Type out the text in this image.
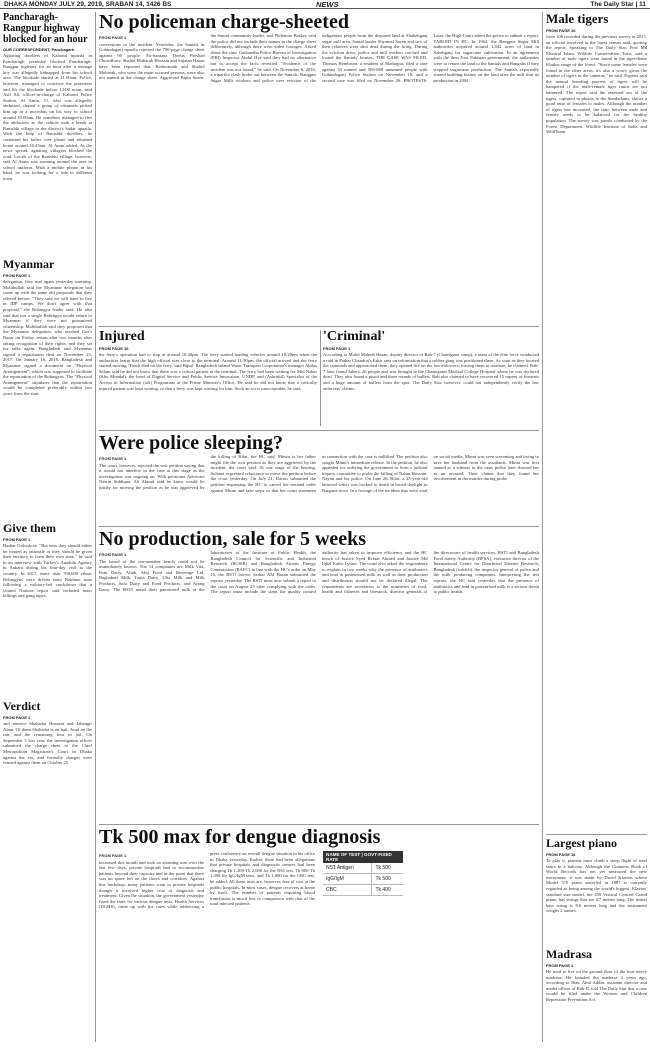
DHAKA MONDAY JULY 29, 2019, SRABAN 14, 1426 BS	NEWS	The Daily Star | 11
Pancharagh-Rangpur highway blocked for an hour
OUR CORRESPONDENT, Panchagarh
Agitating dwellers of Kabarid upazila in Pancharagh yesterday blocked Pancharagh-Rangpur highway for an hour after a teenage boy was allegedly kidnapped from his school area. The blockade started at 11:00am. Police, however, managed to convince the protesters and lift the blockade before 12:00 noon, said Asif Ali, officer-in-charge of Kabarid Police Station. Al Amin, 11, who was allegedly abducted, chased a group of criminals picked him up in a microbus on his way to school around 10:00am. He somehow managed to flee the abductors as the vehicle took a break at Ranishki village in the district's Sadar upazila. With the help of Ranishki dwellers, he contacted his father over phone and returned home around 10:45am. Al Amin added. As the news spread, agitating villagers blocked the road. Locals of the Ranishki village, however, said Al Amin was roaming around the area in school uniform. With a mobile phone in his hand, he was looking for a ride to different town.
Myanmar
FROM PAGE 1
delegation, they met again yesterday morning. Mohibullah said the Myanmar delegation had come up with the same old proposals that they offered before. "They said we will have to live in IDP camps. We don't agree with that proposal," the Rohingya leader said. He also said that not a single Rohingya would return to Myanmar if they were not guaranteed citizenship. Mohibullah said they proposed that the Myanmar delegation, who reached Cox's Bazar on Friday, return after two months after taking recognition of their rights, and they sat for talks again. Bangladesh and Myanmar signed a repatriation deal on November 23, 2017. On January 16, 2018, Bangladesh and Myanmar signed a document on "Physical Arrangement", which was supposed to facilitate the repatriation of the Rohingyas. The "Physical Arrangement" stipulates that the repatriation would be completed preferably within two years from the start.
Give them
FROM PAGE 1
Bashar Orthodoxy. "But now they should either be treated as rationale or they should be given their territory to form their own state," he said in an interview with Turkey's Anadolu Agency in Ankara during his four-day visit to the country. In 2017, more than 700,000 ethnic Rohingyas were driven from Rakhine state following a military-led crackdown that a United Nations report said included mass killings and gang rapes.
Verdict
FROM PAGE 1
and remove Shahadat Hossain and Jahangir Alam. Of them Shahadat is on bail, Asad on the run, and the remaining four in jail. On September 5 last year, the investigation officer submitted the charge sheet to the Chief Metropolitan Magistrate's Court in Dhaka against the six, and formally charges were framed against them on October 25.
No policeman charge-sheeted
FROM PAGE 1
concessions to the incident. Yesterday, the Santals in Gobindaganj upazila rejected the 700-page charge sheet against 90 people. Ex-Santana Deeba Parshad Chowdhury, Shahid Mubarak Hossain and Sujatan Hasan have been reported that. Bishwanath and Shahid Mubarak, who were the main accused persons, were also not named in the charge sheet. Aggrieved Bipin Soren, the Santal community leader, and Philemon Baskey said the police did not include their names in the charge sheet deliberately, although there were video footages. Asked about the case, Gaibandha Police Bureau of Investigation (PBI) Inspector Abdul Hye said they had no alternative but to accept the facts revealed. "Evidence of the incident was not found," he said. On November 6, 2016, a tripartite clash broke out between the Santals, Rangpur Sugar Mills workers and police over eviction of the indigenous people from the disputed land at Shahebganj sugar mill area. Santal leader Shyamal Soren and two of their relatives were shot dead during the firing. During the eviction drive, police and mill workers torched and looted the Santals' houses. THE CASE WAS FILED: Thomas Hembrom, a resident of Madarpur, filed a case against 33 named and 500-600 unnamed people with Gobindaganj Police Station on November 16, and a second case was filed on November 26. PROTESTS: Later, the High Court asked the police to submit a report. TABLED IN HC: In 1962, the Rangpur Sugar Mill authorities acquired around 1,842 acres of land in Sahebganj for sugarcane cultivation. In an agreement with the then East Pakistan government, the authorities were to return the land to the Santals and Bangalis if they stopped sugarcane production. The Santals reportedly started building houses on the land after the mill shut its production in 2004.
Injured
FROM PAGE 16
the ferry's operation had to stop at around 10:20pm. The ferry started loading vehicles around 10:20pm when the authorities learnt that the high official was close to the terminal. Around 11:30pm, the official arrived and the ferry started moving. Tirath died on the ferry, said Bipul. Bangladesh Inland Water Transport Corporation's manager Abdus Salam said he did not know that there was a critical patient at the terminal. The ferry had been waiting for Mid Nahar (Abu Mondal), the head of Digital Service and Public Service Innovation, UNDP, and (Ashraful) Specialist of the Access to Information (a2i) Programme at the Prime Minister's Office. He said he did not know that a critically injured patient was kept waiting, or that a ferry was kept waiting for him. Such an act is unacceptable, he said.
'Criminal'
FROM PAGE 1
According to Mohd Mahedi Hasan, deputy director of Rab-7 (Chandgaon camp), a team of the elite force conducted a raid in Pathar Chandrai's Fakir area on information that a robber gang was positioned there. As soon as they located the criminals and approached them, they opened fire on the law enforcers, forcing them to retaliate, he claimed. Rab-7 later found Jabers, 26 people and was brought to the Chattogram Medical College Hospital where he was declared dead. They also found a pistol and three rounds of bullets. Rab also claimed to have recovered 15 rupees of firearms and a huge amount of bullets from the spot. The Daily Star, however, could not independently verify the law enforcers' claims.
Were police sleeping?
FROM PAGE 1
The court, however, rejected the writ petition saying that it would not interfere in the case at this stage as the investigation was ongoing on. With petitioner Advocate Nasrin Siddiqua, Ali Alasad said he knew would lie justify for moving the petition as he was aggrieved by the killing of Rifat, the HC said. Minzu is her father might file the writ petition as they are aggrieved by the incident, the court said. At one stage of the hearing, Sultana expressed reluctance to move the petition before the court yesterday. On July 21, Dainis submitted the petition requesting the HC to cancel the remand order against Minni and take steps so that her court statement in connection with the case is nullified. The petition also sought Minni's immediate release. In the petition, he also appealed for ordering the government to form a judicial inquiry committee to probe the killing of Nabin Hossain. Nayan and his police. On June 26, Rifat, a 25-year-old tattooed writer was hacked to death in broad daylight in Barguna town. In a footage of the incident that went viral on social media, Minni was seen screaming and trying to save her husband from the assailants. Minni was first named as a witness in the case, police later showed her as an accused. Their claims that they found her involvement in the murder during probe.
No production, sale for 5 weeks
FROM PAGE 1
The heard of the ten-member bench could not be immediately known. The 14 companies are Milk Vita, Pran Dairy, Aftab, Akij Food and Beverage Ltd, Baghabari Milk, Tania Dairy, Ulta Milk and Milk Products, Safa Dairy and Food Products, and Arong Dairy. The BSTI noted their patronised milk at the laboratories of the Institute of Public Health, the Bangladesh Council for Scientific and Industrial Research (BCSIR) and Bangladesh Atomic Energy Commission (BAEC) in line with the HC's order on May 15, the BSTI lawyer Sarkar AM Hasan submitted the reports yesterday. The BSTI must now submit a report to the court on August 25 after complying with the order. The report must include the steps the quality control authority has taken to improve efficiency and the HC bench of Justice Syed Refaat Ahmed and Justice Md Iqbal Kabir Lytton. The court also asked the respondents to explain in two weeks why the presence of antibiotics and lead in pasteurised milk as well as their production and distribution should not be declared illegal. The respondents are secretaries to the ministries of food, health and fisheries and livestock, director generals of the directorate of health services, BSTI and Bangladesh Food Safety Authority (BFSA), executive director of the International Centre for Diarrhoeal Disease Research, Bangladesh (icddr,b), the inspector general of police and the milk producing companies. Interpreting the test reports, the HC said yesterday that the presence of antibiotics and lead in pasteurised milk is a serious threat to public health.
Tk 500 max for dengue diagnosis
FROM PAGE 1
increased this month and took an alarming turn over the last few days, private hospitals had to accommodate patients beyond their capacity and in the point that there was no space left on the floors and corridors. Against this backdrop, many patients went to private hospitals though it involved higher cost of diagnosis and treatment. Given the situation, the government yesterday fixed the rates for various dengue tests. Health Services (DGHS), came up with the rates while addressing a press conference on overall dengue situation in his office in Dhaka yesterday. Earlier, there had been allegations that private hospitals and diagnostic centres had been charging Tk 1,200-Tk 2,000 for the NS1 test, Tk 800-Tk 1,400 for IgG/IgM tests, and Tk 1,000 for the CBC test, he added. All these tests are, however, free of cost at the public hospitals. In most cases, dengue recovers at home by itself. The number of patients requiring blood transfusion is much less in comparison with that of the total infected patients.
NAME OF TEST | GOVT-FIXED RATE	
NS1 Antigen	Tk 500
IgG/IgM	Tk 500
CBC	Tk 400
Male tigers
FROM PAGE 16
from 106 recorded during the previous survey in 2015, an official involved in the latest census said, quoting the report. Speaking to The Daily Star, Prof Md Monirul Islam, Wildlife Conservation Trust, said a number of male tigers were found in the tiger-dense Khulna range of the forest. "Since some females were found in the other areas, it's also a worry given the number of tigers in the cameras," he said. Experts said the natural breeding process of tigers will be hampered if the male-female tiger ratios are not balanced. The report said the assessed sex of the tigers, captured in photos in the Sundarbans, shows a good ratio of females to males. Although the number of tigers has increased, the ratio between male and female needs to be balanced for the healthy population. The survey was jointly conducted by the Forest Department, Wildlife Institute of India and WildTeam.
Largest piano
FROM PAGE 16
To play it, pianists must climb a steep flight of steel stairs to a balcony. Although the Guinness Book of World Records has not yet measured the new instrument, it was made by David Klavins whose Model 370 piano unveiled in 1987 is currently regarded as being among the world's biggest. Klavins' standard size model, the 450 Vertical Concert Grand piano, has strings that are 4.7 metres long. The tiniest bass string is 8.6 metres long and the instrument weighs 2 tonnes.
Madrasa
FROM PAGE 1
He used to live on the ground floor of the four-storey madrasa. He founded the madrasa 4 years ago, according to Ilias. Abul Addin, assistant director and media officer of Rab-II, told The Daily Star that a case would be filed under the Women and Children Repression Prevention Act.
